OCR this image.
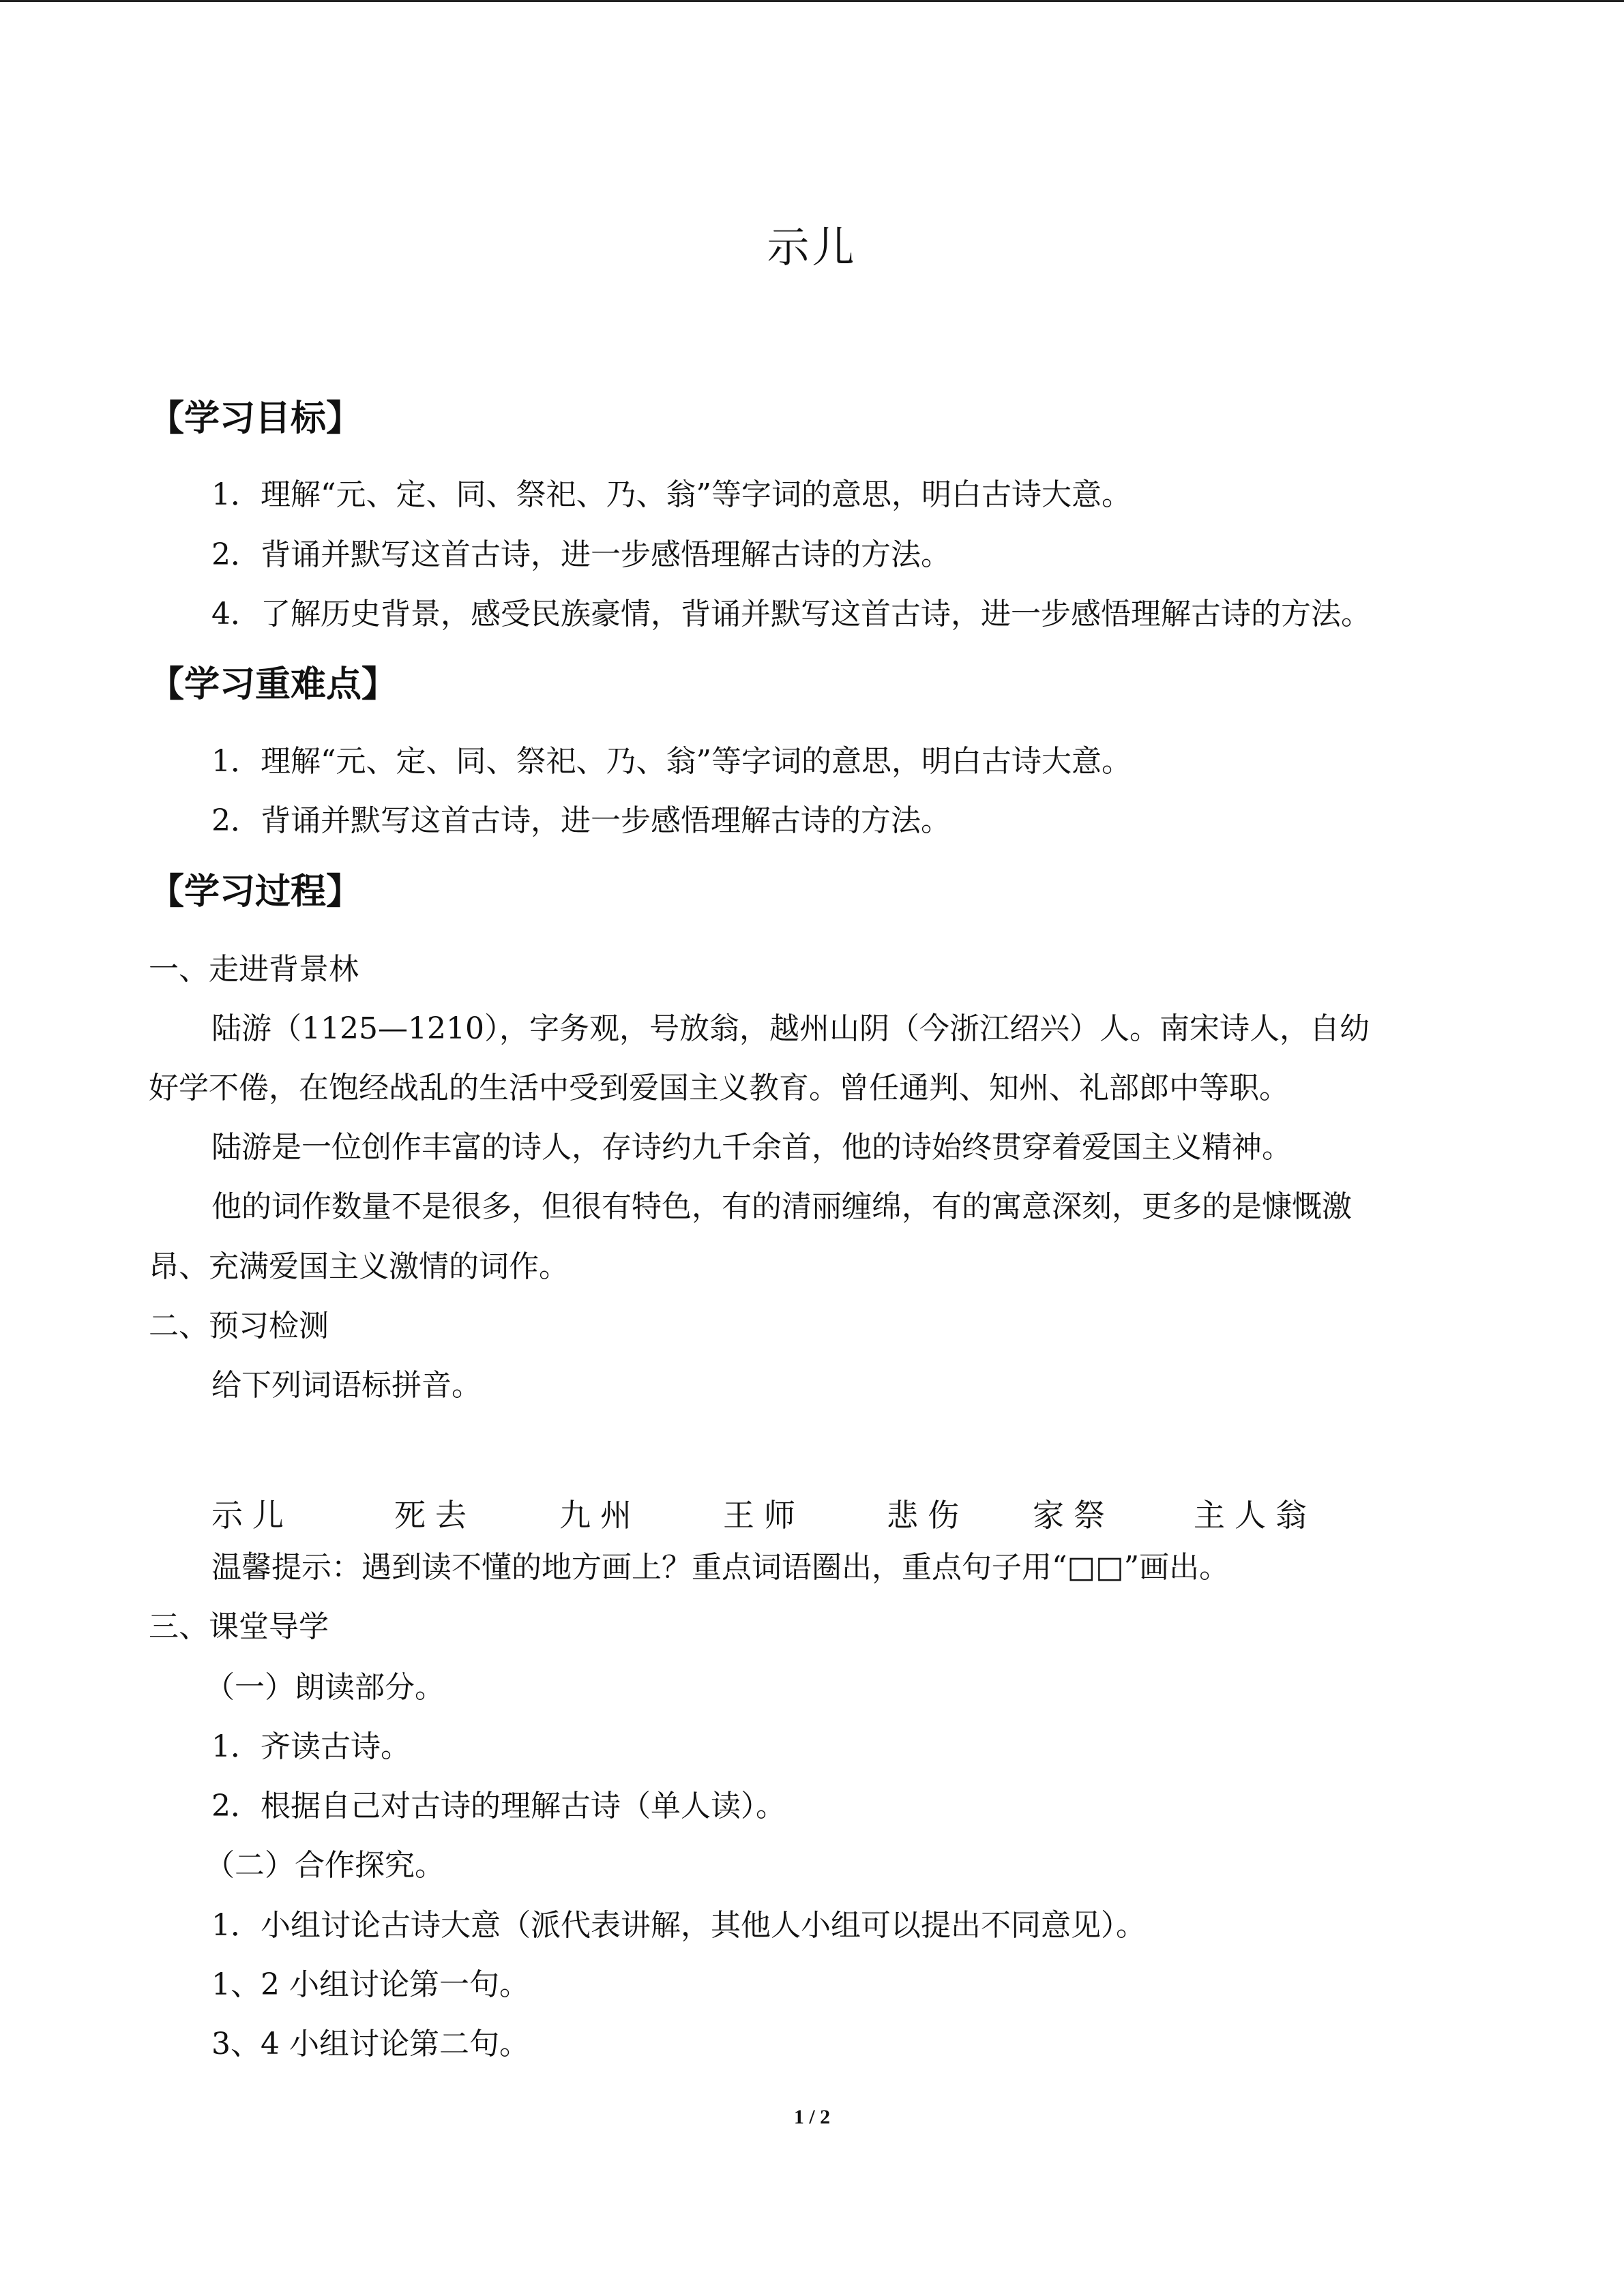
示儿
【学习目标】
1．理解“元、定、同、祭祀、乃、翁”等字词的意思，明白古诗大意。
2．背诵并默写这首古诗，进一步感悟理解古诗的方法。
4．了解历史背景，感受民族豪情，背诵并默写这首古诗，进一步感悟理解古诗的方法。
【学习重难点】
1．理解“元、定、同、祭祀、乃、翁”等字词的意思，明白古诗大意。
2．背诵并默写这首古诗，进一步感悟理解古诗的方法。
【学习过程】
一、走进背景林
陆游（1125—1210），字务观，号放翁，越州山阴（今浙江绍兴）人。南宋诗人，自幼
好学不倦，在饱经战乱的生活中受到爱国主义教育。曾任通判、知州、礼部郎中等职。
陆游是一位创作丰富的诗人，存诗约九千余首，他的诗始终贯穿着爱国主义精神。
他的词作数量不是很多，但很有特色，有的清丽缠绵，有的寓意深刻，更多的是慷慨激
昂、充满爱国主义激情的词作。
二、预习检测
给下列词语标拼音。
示儿	死去	九州	王师	悲伤 家祭	主人翁
温馨提示：遇到读不懂的地方画上？重点词语圈出，重点句子用“□□”画出。
三、课堂导学
（一）朗读部分。
1．齐读古诗。
2．根据自己对古诗的理解古诗（单人读）。
（二）合作探究。
1．小组讨论古诗大意（派代表讲解，其他人小组可以提出不同意见）。
1、2 小组讨论第一句。
3、4 小组讨论第二句。
1 / 2
